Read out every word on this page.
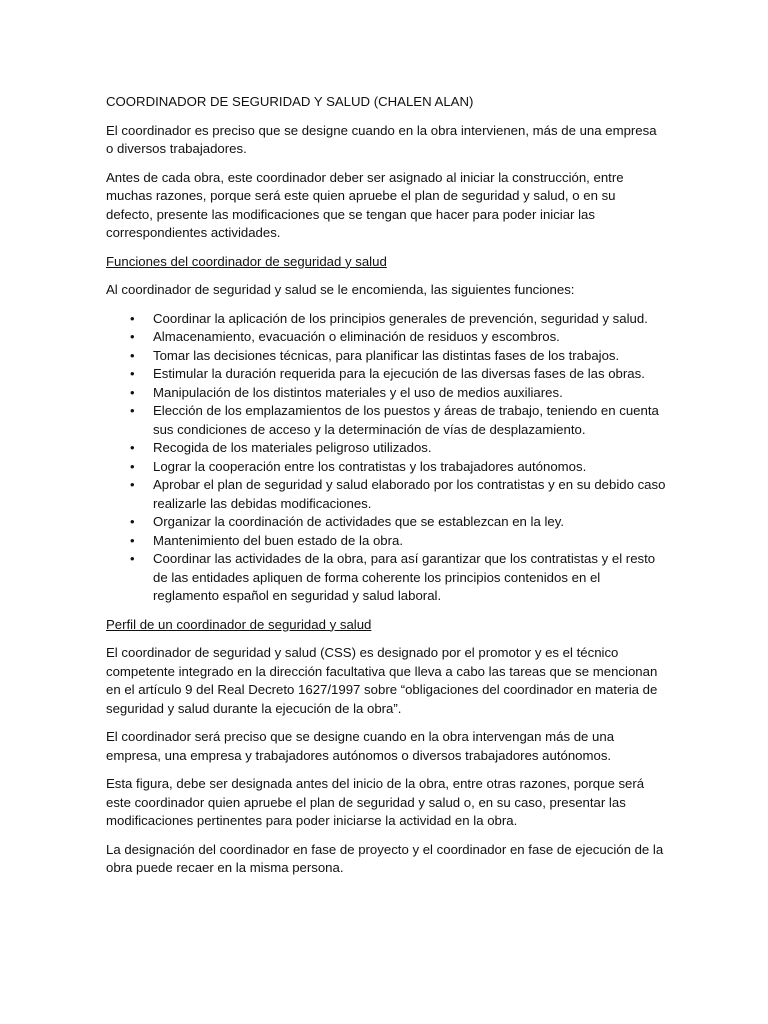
COORDINADOR DE SEGURIDAD Y SALUD (CHALEN ALAN)

El coordinador es preciso que se designe cuando en la obra intervienen, más de una empresa o diversos trabajadores.

Antes de cada obra, este coordinador deber ser asignado al iniciar la construcción, entre muchas razones, porque será este quien apruebe el plan de seguridad y salud, o en su defecto, presente las modificaciones que se tengan que hacer para poder iniciar las correspondientes actividades.

Funciones del coordinador de seguridad y salud

Al coordinador de seguridad y salud se le encomienda, las siguientes funciones:

• Coordinar la aplicación de los principios generales de prevención, seguridad y salud.
• Almacenamiento, evacuación o eliminación de residuos y escombros.
• Tomar las decisiones técnicas, para planificar las distintas fases de los trabajos.
• Estimular la duración requerida para la ejecución de las diversas fases de las obras.
• Manipulación de los distintos materiales y el uso de medios auxiliares.
• Elección de los emplazamientos de los puestos y áreas de trabajo, teniendo en cuenta sus condiciones de acceso y la determinación de vías de desplazamiento.
• Recogida de los materiales peligroso utilizados.
• Lograr la cooperación entre los contratistas y los trabajadores autónomos.
• Aprobar el plan de seguridad y salud elaborado por los contratistas y en su debido caso realizarle las debidas modificaciones.
• Organizar la coordinación de actividades que se establezcan en la ley.
• Mantenimiento del buen estado de la obra.
• Coordinar las actividades de la obra, para así garantizar que los contratistas y el resto de las entidades apliquen de forma coherente los principios contenidos en el reglamento español en seguridad y salud laboral.

Perfil de un coordinador de seguridad y salud

El coordinador de seguridad y salud (CSS) es designado por el promotor y es el técnico competente integrado en la dirección facultativa que lleva a cabo las tareas que se mencionan en el artículo 9 del Real Decreto 1627/1997 sobre “obligaciones del coordinador en materia de seguridad y salud durante la ejecución de la obra”.

El coordinador será preciso que se designe cuando en la obra intervengan más de una empresa, una empresa y trabajadores autónomos o diversos trabajadores autónomos.

Esta figura, debe ser designada antes del inicio de la obra, entre otras razones, porque será este coordinador quien apruebe el plan de seguridad y salud o, en su caso, presentar las modificaciones pertinentes para poder iniciarse la actividad en la obra.

La designación del coordinador en fase de proyecto y el coordinador en fase de ejecución de la obra puede recaer en la misma persona.
